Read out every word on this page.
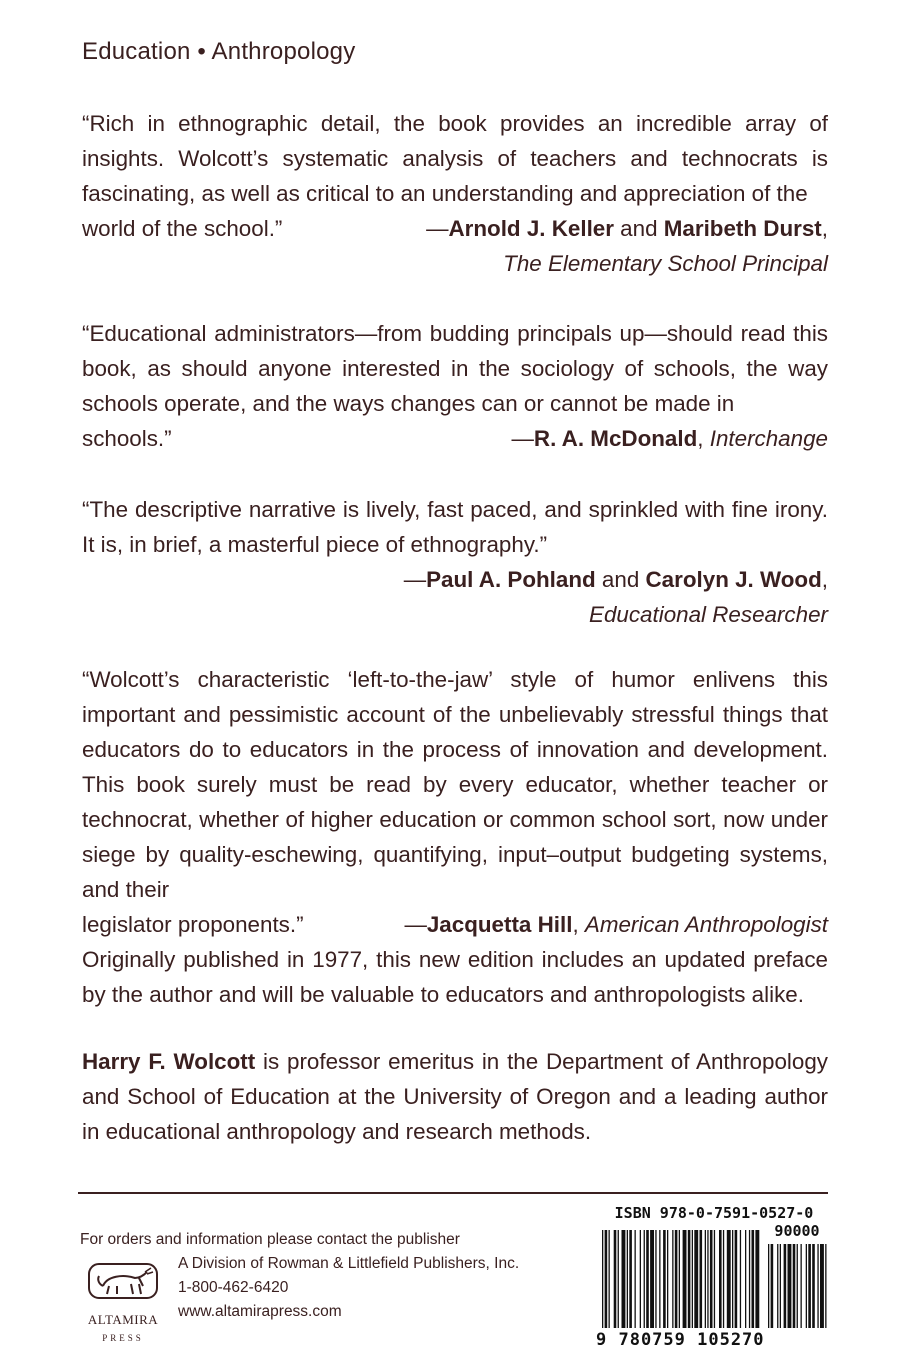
Education • Anthropology
“Rich in ethnographic detail, the book provides an incredible array of insights. Wolcott’s systematic analysis of teachers and technocrats is fascinating, as well as critical to an understanding and appreciation of the
world of the school.”	—Arnold J. Keller and Maribeth Durst,
The Elementary School Principal
“Educational administrators—from budding principals up—should read this book, as should anyone interested in the sociology of schools, the way schools operate, and the ways changes can or cannot be made in
schools.”	—R. A. McDonald, Interchange
“The descriptive narrative is lively, fast paced, and sprinkled with fine irony. It is, in brief, a masterful piece of ethnography.”
—Paul A. Pohland and Carolyn J. Wood,
Educational Researcher
“Wolcott’s characteristic ‘left-to-the-jaw’ style of humor enlivens this important and pessimistic account of the unbelievably stressful things that educators do to educators in the process of innovation and development. This book surely must be read by every educator, whether teacher or technocrat, whether of higher education or common school sort, now under siege by quality-eschewing, quantifying, input–output budgeting systems, and their
legislator proponents.”	—Jacquetta Hill, American Anthropologist
Originally published in 1977, this new edition includes an updated preface by the author and will be valuable to educators and anthropologists alike.
Harry F. Wolcott is professor emeritus in the Department of Anthropology and School of Education at the University of Oregon and a leading author in educational anthropology and research methods.
For orders and information please contact the publisher
ALTAMIRA
PRESS
A Division of Rowman & Littlefield Publishers, Inc.
1-800-462-6420
www.altamirapress.com
ISBN 978-0-7591-0527-0
90000
9 780759 105270
